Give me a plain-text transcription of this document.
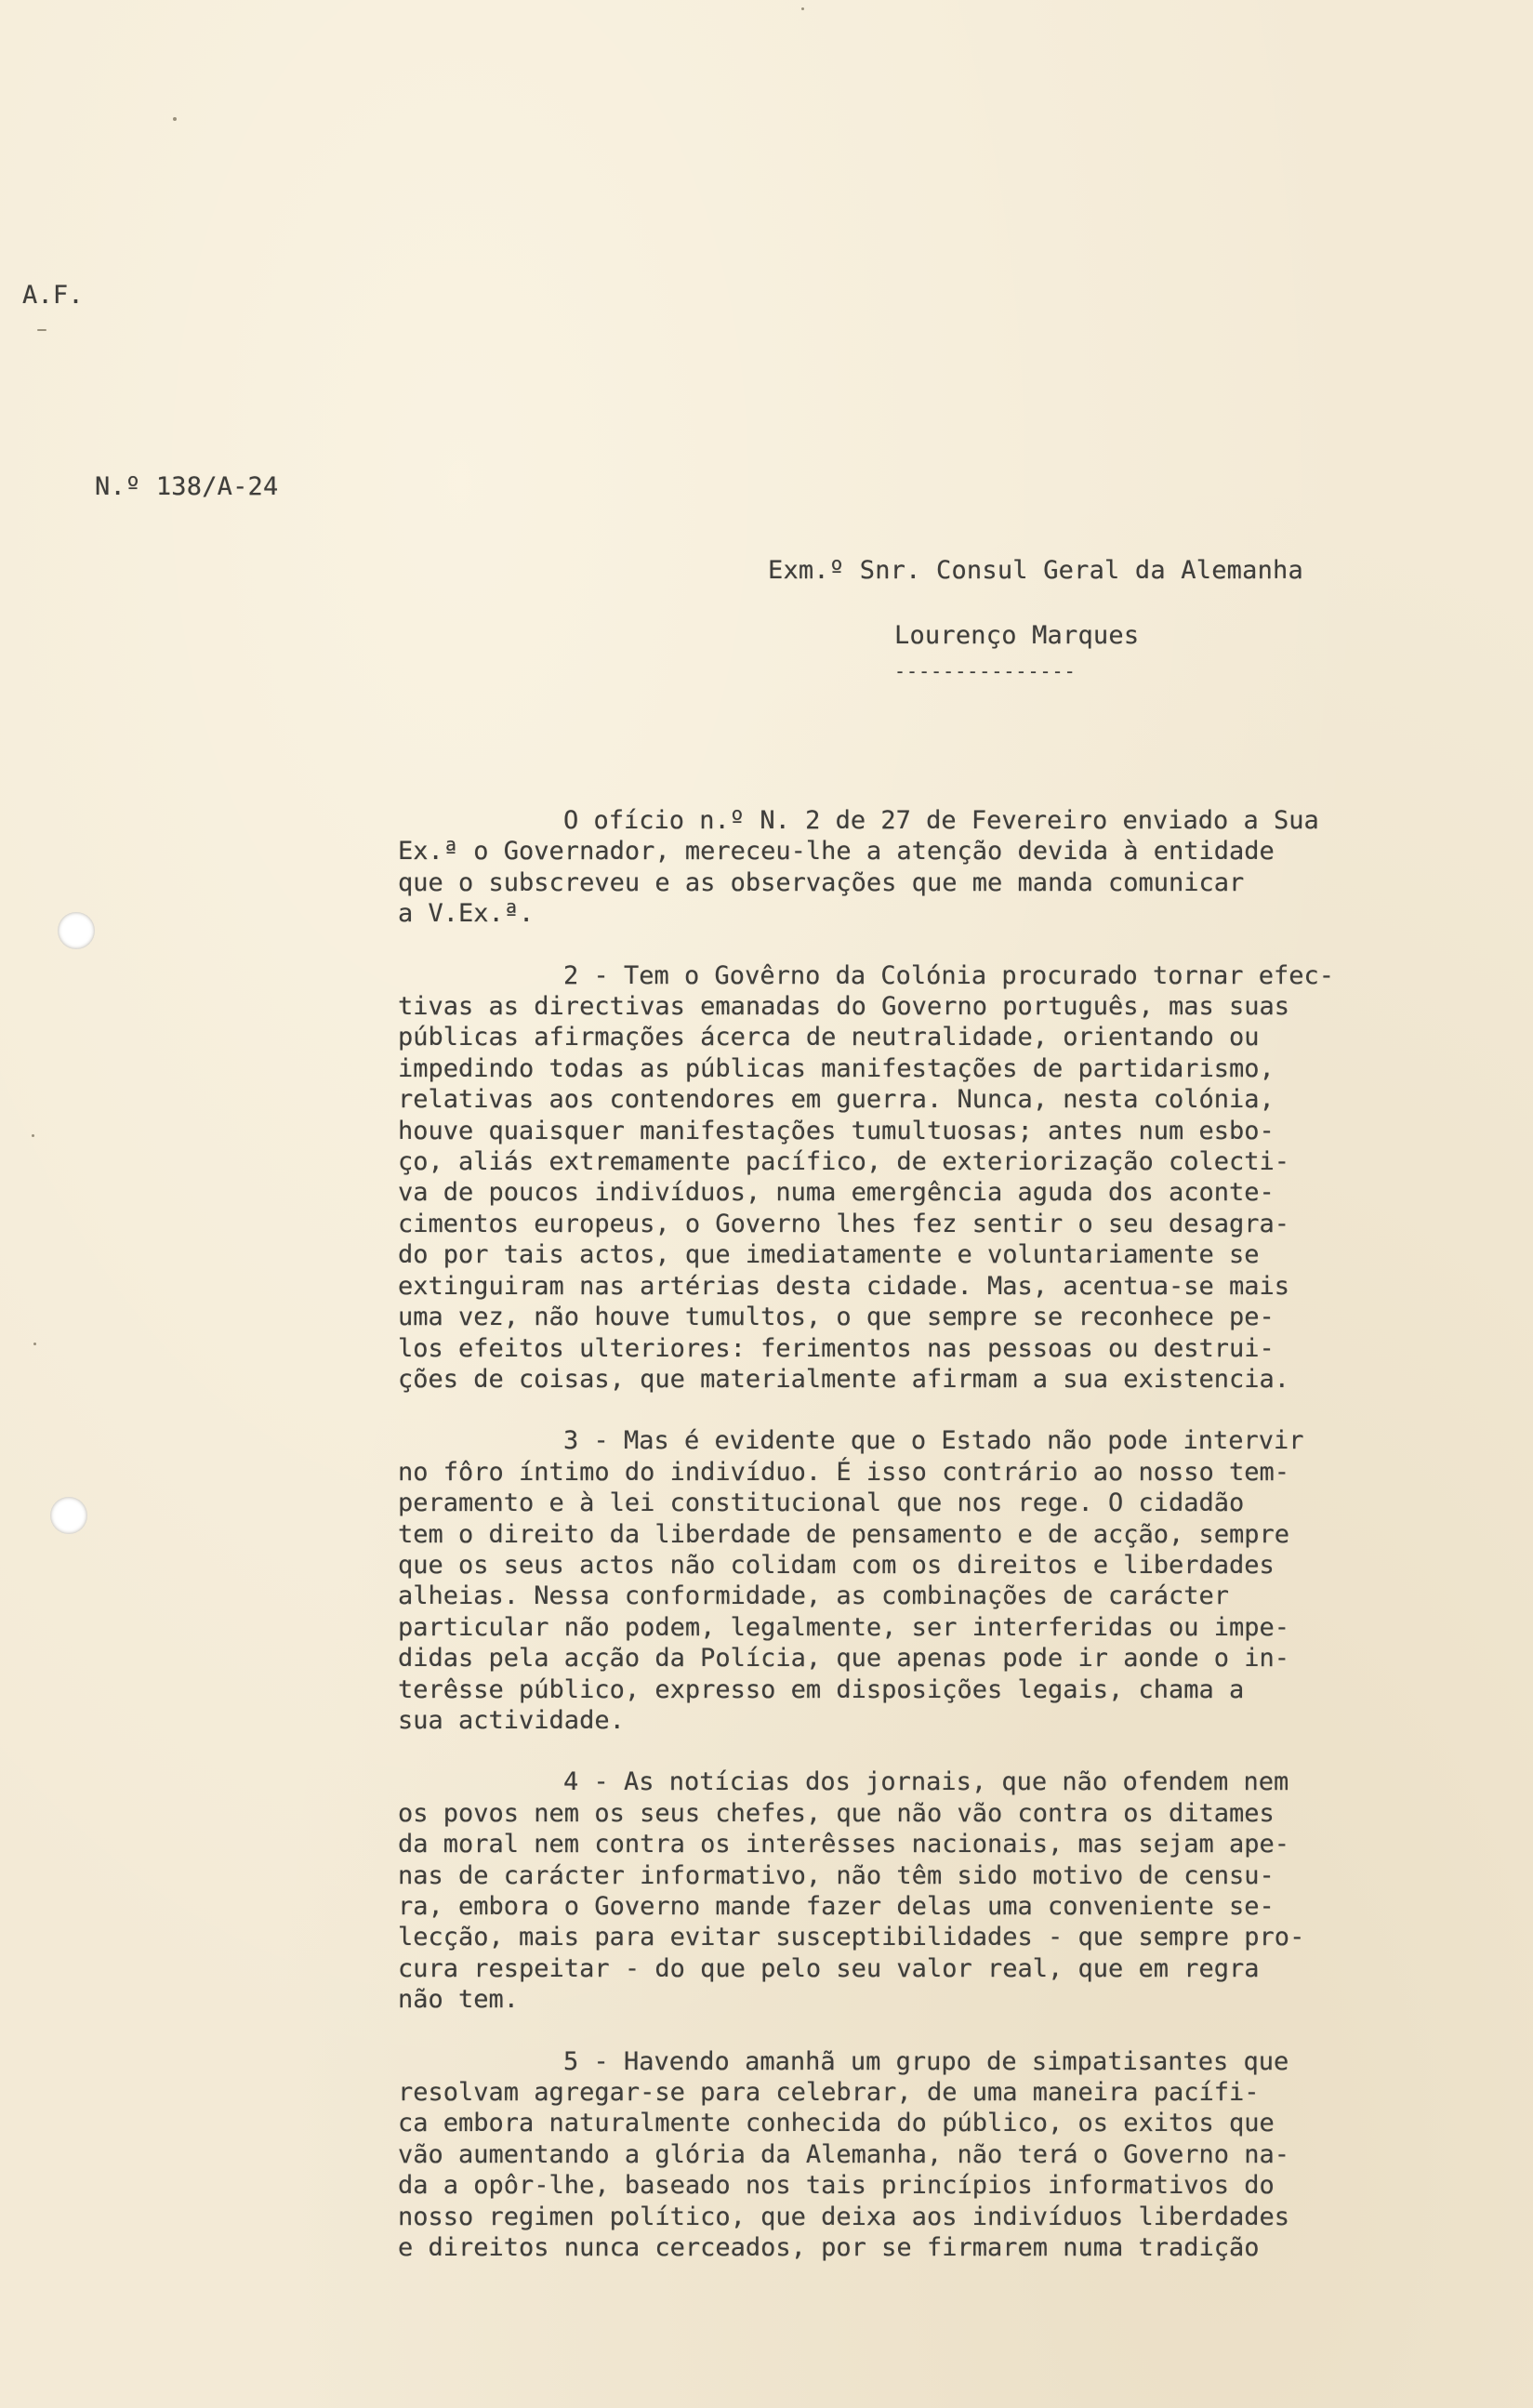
A.F.
N.º 138/A-24
Exm.º Snr. Consul Geral da Alemanha
Lourenço Marques
---------------
O ofício n.º N. 2 de 27 de Fevereiro enviado a Sua
Ex.ª o Governador, mereceu-lhe a atenção devida à entidade
que o subscreveu e as observações que me manda comunicar
a V.Ex.ª.
2 - Tem o Govêrno da Colónia procurado tornar efec-
tivas as directivas emanadas do Governo português, mas suas
públicas afirmações ácerca de neutralidade, orientando ou
impedindo todas as públicas manifestações de partidarismo,
relativas aos contendores em guerra. Nunca, nesta colónia,
houve quaisquer manifestações tumultuosas; antes num esbo-
ço, aliás extremamente pacífico, de exteriorização colecti-
va de poucos indivíduos, numa emergência aguda dos aconte-
cimentos europeus, o Governo lhes fez sentir o seu desagra-
do por tais actos, que imediatamente e voluntariamente se
extinguiram nas artérias desta cidade. Mas, acentua-se mais
uma vez, não houve tumultos, o que sempre se reconhece pe-
los efeitos ulteriores: ferimentos nas pessoas ou destrui-
ções de coisas, que materialmente afirmam a sua existencia.
3 - Mas é evidente que o Estado não pode intervir
no fôro íntimo do indivíduo. É isso contrário ao nosso tem-
peramento e à lei constitucional que nos rege. O cidadão
tem o direito da liberdade de pensamento e de acção, sempre
que os seus actos não colidam com os direitos e liberdades
alheias. Nessa conformidade, as combinações de carácter
particular não podem, legalmente, ser interferidas ou impe-
didas pela acção da Polícia, que apenas pode ir aonde o in-
terêsse público, expresso em disposições legais, chama a
sua actividade.
4 - As notícias dos jornais, que não ofendem nem
os povos nem os seus chefes, que não vão contra os ditames
da moral nem contra os interêsses nacionais, mas sejam ape-
nas de carácter informativo, não têm sido motivo de censu-
ra, embora o Governo mande fazer delas uma conveniente se-
lecção, mais para evitar susceptibilidades - que sempre pro-
cura respeitar - do que pelo seu valor real, que em regra
não tem.
5 - Havendo amanhã um grupo de simpatisantes que
resolvam agregar-se para celebrar, de uma maneira pacífi-
ca embora naturalmente conhecida do público, os exitos que
vão aumentando a glória da Alemanha, não terá o Governo na-
da a opôr-lhe, baseado nos tais princípios informativos do
nosso regimen político, que deixa aos indivíduos liberdades
e direitos nunca cerceados, por se firmarem numa tradição
